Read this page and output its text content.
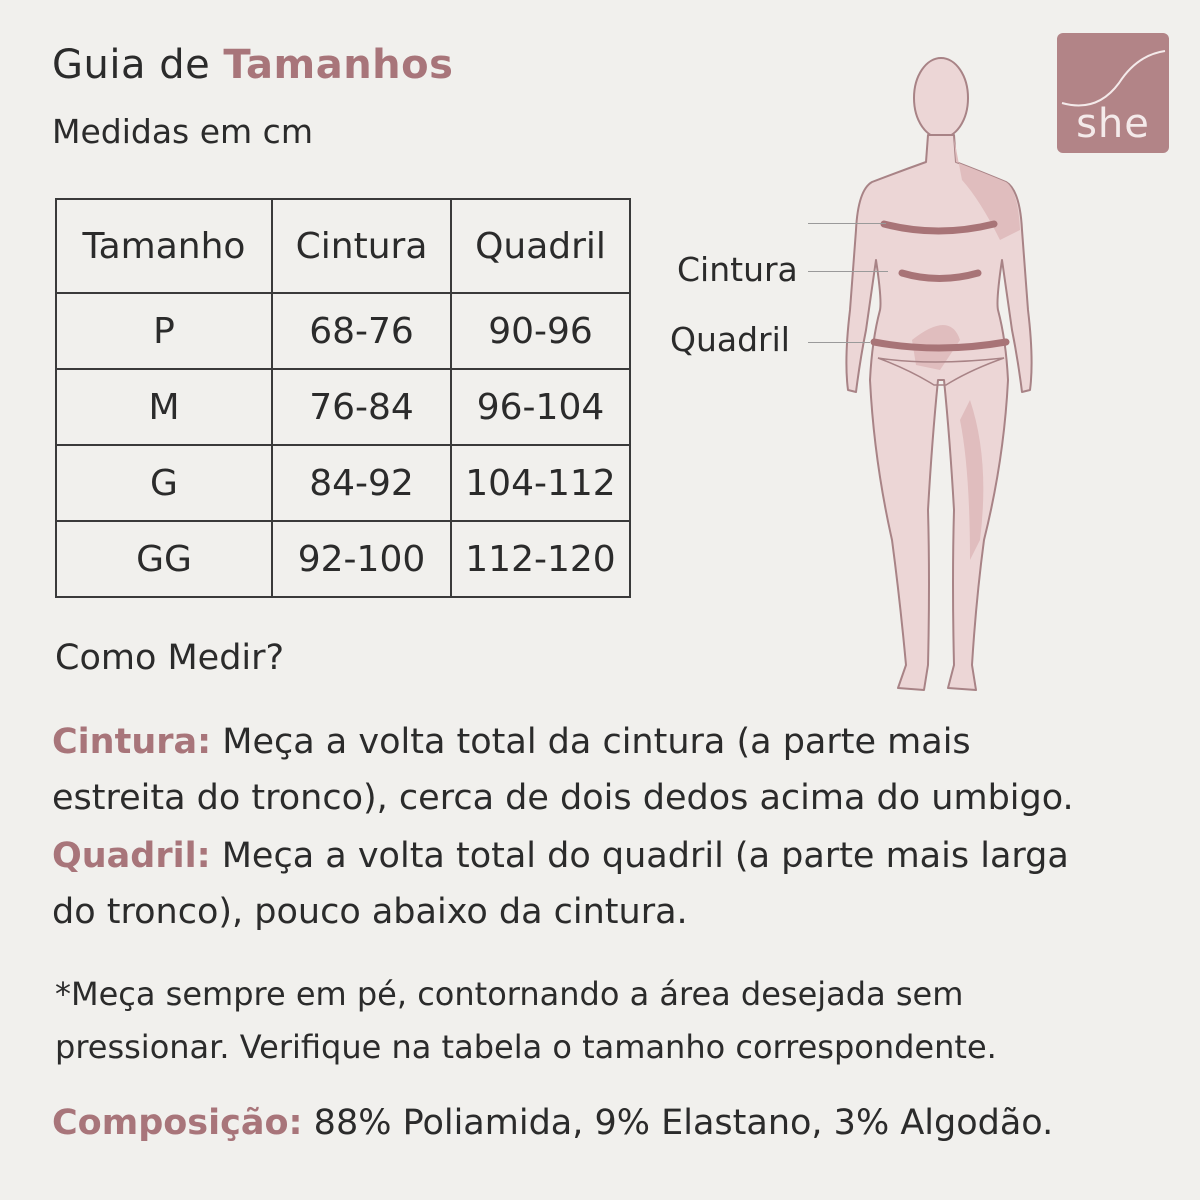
Guia de Tamanhos
Medidas em cm
Tamanho	Cintura	Quadril
P	68-76	90-96
M	76-84	96-104
G	84-92	104-112
GG	92-100	112-120
Cintura
Quadril
she
Como Medir?

Cintura: Meça a volta total da cintura (a parte mais estreita do tronco), cerca de dois dedos acima do umbigo.

Quadril: Meça a volta total do quadril (a parte mais larga do tronco), pouco abaixo da cintura.

*Meça sempre em pé, contornando a área desejada sem pressionar. Verifique na tabela o tamanho correspondente.

Composição: 88% Poliamida, 9% Elastano, 3% Algodão.
